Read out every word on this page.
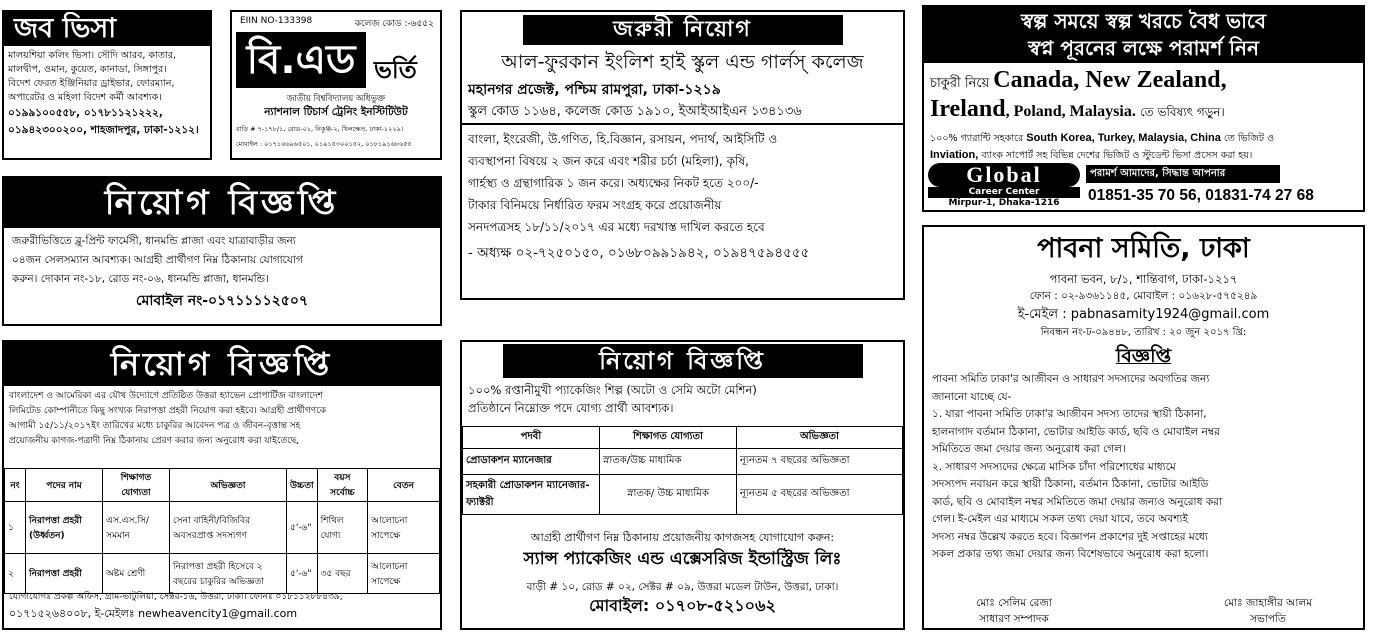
জব ভিসা

মালয়শিয়া কলিং ভিসা। সৌদি আরব, কাতার,

মালদ্বীপ, ওমান, কুয়েত, কানাডা, সিঙ্গাপুর।

বিদেশ ফেরত ইঞ্জিনিয়ার ড্রাইভার, ফোরম্যান,

অপারেটর ও মহিলা বিদেশ কর্মী আবশ্যক।

০১৯৯১০০৫৫৮, ০১৭৮১১২১২২২,

০১৯৪২৩০০২০০, শাহজাদপুর, ঢাকা-১২১২।

EIIN NO-133398	কলেজ কোড :-৬৫৫২
বি.এড ভর্তি
জাতীয় বিশ্ববিদ্যালয় অধিভুক্ত
ন্যাশনাল টিচার্স ট্রেনিং ইনস্টিটিউট
বাড়ি # ৭-১৭৮/১, রোড-০১, নিকুঞ্জ-২, খিলক্ষেত, ঢাকা-১২২৯।
মোবাইল : ০১৭১৬৬৯৬৫০১, ০১৯১৫৩০০১৫২, ০১৮১৯১৬৮৬৫৫
নিয়োগ বিজ্ঞপ্তি

জরুরীভিত্তিতে ব্লু-প্রিন্ট ফার্মেসী, ধানমন্ডি প্লাজা এবং যাত্রাবাড়ীর জন্য

০৪জন সেলসম্যান আবশ্যক। আগ্রহী প্রার্থীগণ নিম্ন ঠিকানায় যোগাযোগ

করুন। দোকান নং-১৮, রোড নং-০৬, ধানমন্ডি প্লাজা, ধানমন্ডি।

মোবাইল নং-০১৭১১১১২৫০৭

নিয়োগ বিজ্ঞপ্তি

বাংলাদেশ ও আমেরিকা এর যৌথ উদ্যোগে প্রতিষ্ঠিত উত্তরা হ্যাভেন প্রোপার্টিজ বাংলাদেশ

লিমিটেড কোম্পানীতে কিছু সংখ্যক নিরাপত্তা প্রহরী নিয়োগ করা হইবে। আগ্রহী প্রার্থীগণকে

আগামী ১৫/১১/২০১৭ইং তারিখের মধ্যে চাকুরির আবেদন পত্র ও জীবন-বৃত্তান্ত সহ

প্রয়োজনীয় কাগজ-পত্রাদী নিম্ন ঠিকানায় প্রেরণ করার জন্য অনুরোধ করা যাইতেছে,

নং	পদের নাম	শিক্ষাগত যোগ্যতা	অভিজ্ঞতা	উচ্চতা	বয়স সর্বোচ্চ	বেতন
১	নিরাপত্তা প্রহরী (উর্ধ্বতন)	এস.এস.সি/ সমমান	সেনা বাহিনী/বিজিবির অবসরপ্রাপ্ত সদস্যগণ	৫'-৬"	শিথিল যোগ্য	আলোচনা সাপেক্ষে
২	নিরাপত্তা প্রহরী	অষ্টম শ্রেণী	নিরাপত্তা প্রহরী হিসেবে ২ বছরের চাকুরির অভিজ্ঞতা	৫'-৬"	৩৫ বছর	আলোচনা সাপেক্ষে

যোগাযোগঃ প্রকল্প অফিস, গ্রাম-ভাটুলিয়া, সেক্টর-১৬, উত্তরা, ঢাকা। ফোনঃ ০১৮১১২৮৮৪৩৯,

০১৭১৫২৬৪০০৮, ই-মেইলঃ newheavencity1@gmail.com

জরুরী নিয়োগ

আল-ফুরকান ইংলিশ হাই স্কুল এন্ড গার্লস্ কলেজ

মহানগর প্রজেক্ট, পশ্চিম রামপুরা, ঢাকা-১২১৯

স্কুল কোড ১১৬৪, কলেজ কোড ১৯১০, ইআইআইএন ১৩৪১৩৬

বাংলা, ইংরেজী, উ.গণিত, হি.বিজ্ঞান, রসায়ন, পদার্থ, আইসিটি ও

ব্যবস্থাপনা বিষয়ে ২ জন করে এবং শরীর চর্চা (মহিলা), কৃষি,

গার্হস্থ্য ও গ্রন্থাগারিক ১ জন করে। অধ্যক্ষের নিকট হতে ২০০/-

টাকার বিনিময়ে নির্ধারিত ফরম সংগ্রহ করে প্রয়োজনীয়

সনদপত্রসহ ১৮/১১/২০১৭ এর মধ্যে দরখাস্ত দাখিল করতে হবে

- অধ্যক্ষ ০২-৭২৫০১৫০, ০১৬৮০৯৯১৯৪২, ০১৯৪৭৫৯৪৫৫৫

নিয়োগ বিজ্ঞপ্তি

১০০% রপ্তানীমুখী প্যাকেজিং শিল্প (অটো ও সেমি অটো মেশিন)

প্রতিষ্ঠানে নিম্নোক্ত পদে যোগ্য প্রার্থী আবশ্যক।

পদবী	শিক্ষাগত যোগ্যতা	অভিজ্ঞতা
প্রোডাকশন ম্যানেজার	স্নাতক/উচ্চ মাধ্যমিক	ন্যূনতম ৭ বছরের অভিজ্ঞতা
সহকারী প্রোডাকশন ম্যানেজার-ফ্যাক্টরী	স্নাতক/ উচ্চ মাধ্যমিক	ন্যূনতম ৫ বছরের অভিজ্ঞতা

আগ্রহী প্রার্থীগণ নিম্ন ঠিকানায় প্রয়োজনীয় কাগজসহ যোগাযোগ করুন:

স্যান্স প্যাকেজিং এন্ড এক্সেসরিজ ইন্ডাস্ট্রিজ লিঃ

বাড়ী # ১০, রোড # ০২, সেক্টর # ০৯, উত্তরা মডেল টাউন, উত্তরা, ঢাকা।

মোবাইল: ০১৭০৮-৫২১০৬২

স্বল্প সময়ে স্বল্প খরচে বৈধ ভাবে
স্বপ্ন পূরনের লক্ষে পরামর্শ নিন
চাকুরী নিয়ে Canada, New Zealand,
Ireland, Poland, Malaysia. তে ভবিষ্যৎ গড়ুন।
১০০% গ্যারান্টি সহকারে South Korea, Turkey, Malaysia, China তে ভিজিট ও
Inviation, ব্যাংক সাপোর্ট সহ বিভিন্ন দেশের ভিজিট ও স্টুডেন্ট ভিসা প্রসেস করা হয়।
Global
Career Center
Mirpur-1, Dhaka-1216
পরামর্শ আমাদের, সিদ্ধান্ত আপনার
01851-35 70 56, 01831-74 27 68

পাবনা সমিতি, ঢাকা

পাবনা ভবন, ৮/১, শান্তিবাগ, ঢাকা-১২১৭

ফোন : ০২-৯৩৬১১৪৫, মোবাইল : ০১৬২৮-৫৭৫২৪৯

ই-মেইল : pabnasamity1924@gmail.com

নিবন্ধন নং-ঢ-০৯৪৪৮, তারিখ : ২০ জুন ২০১৭ খ্রি:

বিজ্ঞপ্তি

পাবনা সমিতি ঢাকা'র আজীবন ও সাধারণ সদস্যদের অবগতির জন্য

জানানো যাচ্ছে যে-

১. যারা পাবনা সমিতি ঢাকা'র আজীবন সদস্য তাদের স্থায়ী ঠিকানা,

হালনাগাদ বর্তমান ঠিকানা, ভোটার আইডি কার্ড, ছবি ও মোবাইল নম্বর

সমিতিতে জমা দেয়ার জন্য অনুরোধ করা গেল।

২. সাধারণ সদস্যদের ক্ষেত্রে মাসিক চাঁদা পরিশোধের মাধ্যমে

সদস্যপদ নবায়ন করে স্থায়ী ঠিকানা, বর্তমান ঠিকানা, ভোটার আইডি

কার্ড, ছবি ও মোবাইল নম্বর সমিতিতে জমা দেয়ার জন্যও অনুরোধ করা

গেল। ই-মেইল এর মাধ্যমে সকল তথ্য দেয়া যাবে, তবে অবশ্যই

সদস্য নম্বর উল্লেখ করতে হবে। বিজ্ঞাপন প্রকাশের দুই সপ্তাহের মধ্যে

সকল প্রকার তথ্য জমা দেয়ার জন্য বিশেষভাবে অনুরোধ করা হলো।

মোঃ সেলিম রেজা
সাধারণ সম্পাদক
মোঃ জাহাঙ্গীর আলম
সভাপতি
